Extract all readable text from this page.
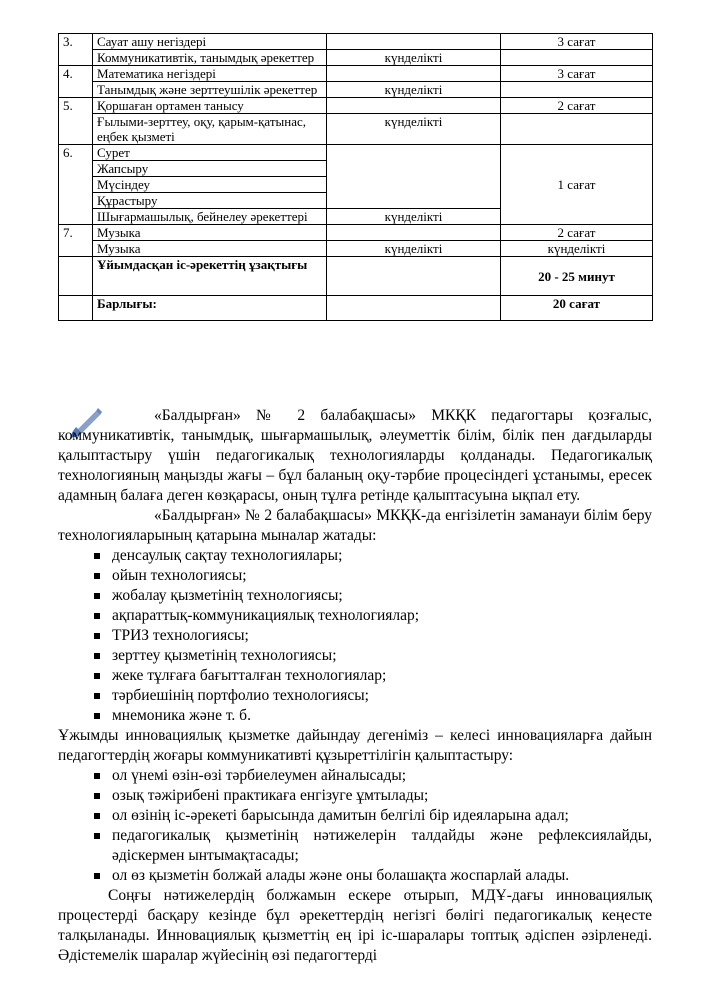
3.	Сауат ашу негіздері		3 сағат
	Коммуникативтік, танымдық әрекеттер	күнделікті	
4.	Математика негіздері		3 сағат
	Танымдық және зерттеушілік әрекеттер	күнделікті	
5.	Қоршаған ортамен танысу		2 сағат
	Ғылыми-зерттеу, оқу, қарым-қатынас, еңбек қызметі	күнделікті	
6.	Сурет		1 сағат
	Жапсыру		
	Мүсіндеу		
	Құрастыру		
	Шығармашылық, бейнелеу әрекеттері	күнделікті	
7.	Музыка		2 сағат
	Музыка	күнделікті	күнделікті
	Ұйымдасқан іс-әрекеттің ұзақтығы		20 - 25 минут
	Барлығы:		20 сағат

«Балдырған» № 2 балабақшасы» МКҚК педагогтары қозғалыс, коммуникативтік, танымдық, шығармашылық, әлеуметтік білім, білік пен дағдыларды қалыптастыру үшін педагогикалық технологияларды қолданады. Педагогикалық технологияның маңызды жағы – бұл баланың оқу-тәрбие процесіндегі ұстанымы, ересек адамның балаға деген көзқарасы, оның тұлға ретінде қалыптасуына ықпал ету.

«Балдырған» № 2 балабақшасы» МКҚК-да енгізілетін заманауи білім беру технологияларының қатарына мыналар жатады:

денсаулық сақтау технологиялары;
ойын технологиясы;
жобалау қызметінің технологиясы;
ақпараттық-коммуникациялық технологиялар;
ТРИЗ технологиясы;
зерттеу қызметінің технологиясы;
жеке тұлғаға бағытталған технологиялар;
тәрбиешінің портфолио технологиясы;
мнемоника және т. б.

Ұжымды инновациялық қызметке дайындау дегеніміз – келесі инновацияларға дайын педагогтердің жоғары коммуникативті құзыреттілігін қалыптастыру:

ол үнемі өзін-өзі тәрбиелеумен айналысады;
озық тәжірибені практикаға енгізуге ұмтылады;
ол өзінің іс-әрекеті барысында дамитын белгілі бір идеяларына адал;
педагогикалық қызметінің нәтижелерін талдайды және рефлексиялайды, әдіскермен ынтымақтасады;
ол өз қызметін болжай алады және оны болашақта жоспарлай алады.

Соңғы нәтижелердің болжамын ескере отырып, МДҰ-дағы инновациялық процестерді басқару кезінде бұл әрекеттердің негізгі бөлігі педагогикалық кеңесте талқыланады. Инновациялық қызметтің ең ірі іс-шаралары топтық әдіспен әзірленеді. Әдістемелік шаралар жүйесінің өзі педагогтерді
